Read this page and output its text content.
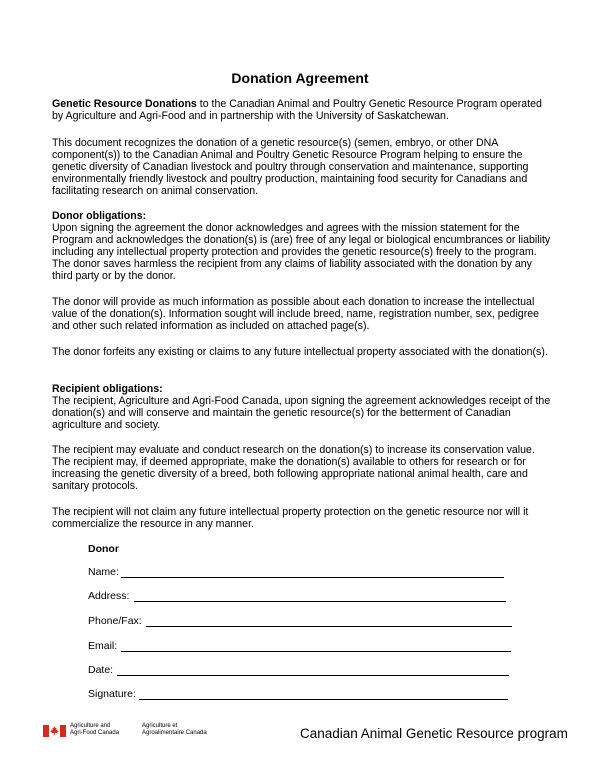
Donation Agreement

Genetic Resource Donations to the Canadian Animal and Poultry Genetic Resource Program operated by Agriculture and Agri-Food and in partnership with the University of Saskatchewan.

This document recognizes the donation of a genetic resource(s) (semen, embryo, or other DNA component(s)) to the Canadian Animal and Poultry Genetic Resource Program helping to ensure the genetic diversity of Canadian livestock and poultry through conservation and maintenance, supporting environmentally friendly livestock and poultry production, maintaining food security for Canadians and facilitating research on animal conservation.

Donor obligations:

Upon signing the agreement the donor acknowledges and agrees with the mission statement for the Program and acknowledges the donation(s) is (are) free of any legal or biological encumbrances or liability including any intellectual property protection and provides the genetic resource(s) freely to the program. The donor saves harmless the recipient from any claims of liability associated with the donation by any third party or by the donor.

The donor will provide as much information as possible about each donation to increase the intellectual value of the donation(s). Information sought will include breed, name, registration number, sex, pedigree and other such related information as included on attached page(s).

The donor forfeits any existing or claims to any future intellectual property associated with the donation(s).

Recipient obligations:

The recipient, Agriculture and Agri-Food Canada, upon signing the agreement acknowledges receipt of the donation(s) and will conserve and maintain the genetic resource(s) for the betterment of Canadian agriculture and society.

The recipient may evaluate and conduct research on the donation(s) to increase its conservation value. The recipient may, if deemed appropriate, make the donation(s) available to others for research or for increasing the genetic diversity of a breed, both following appropriate national animal health, care and sanitary protocols.

The recipient will not claim any future intellectual property protection on the genetic resource nor will it commercialize the resource in any manner.

Donor
Name:
Address:
Phone/Fax:
Email:
Date:
Signature:
Agriculture and
Agri-Food Canada
Agriculture et
Agroalimentaire Canada	Canadian Animal Genetic Resource program
